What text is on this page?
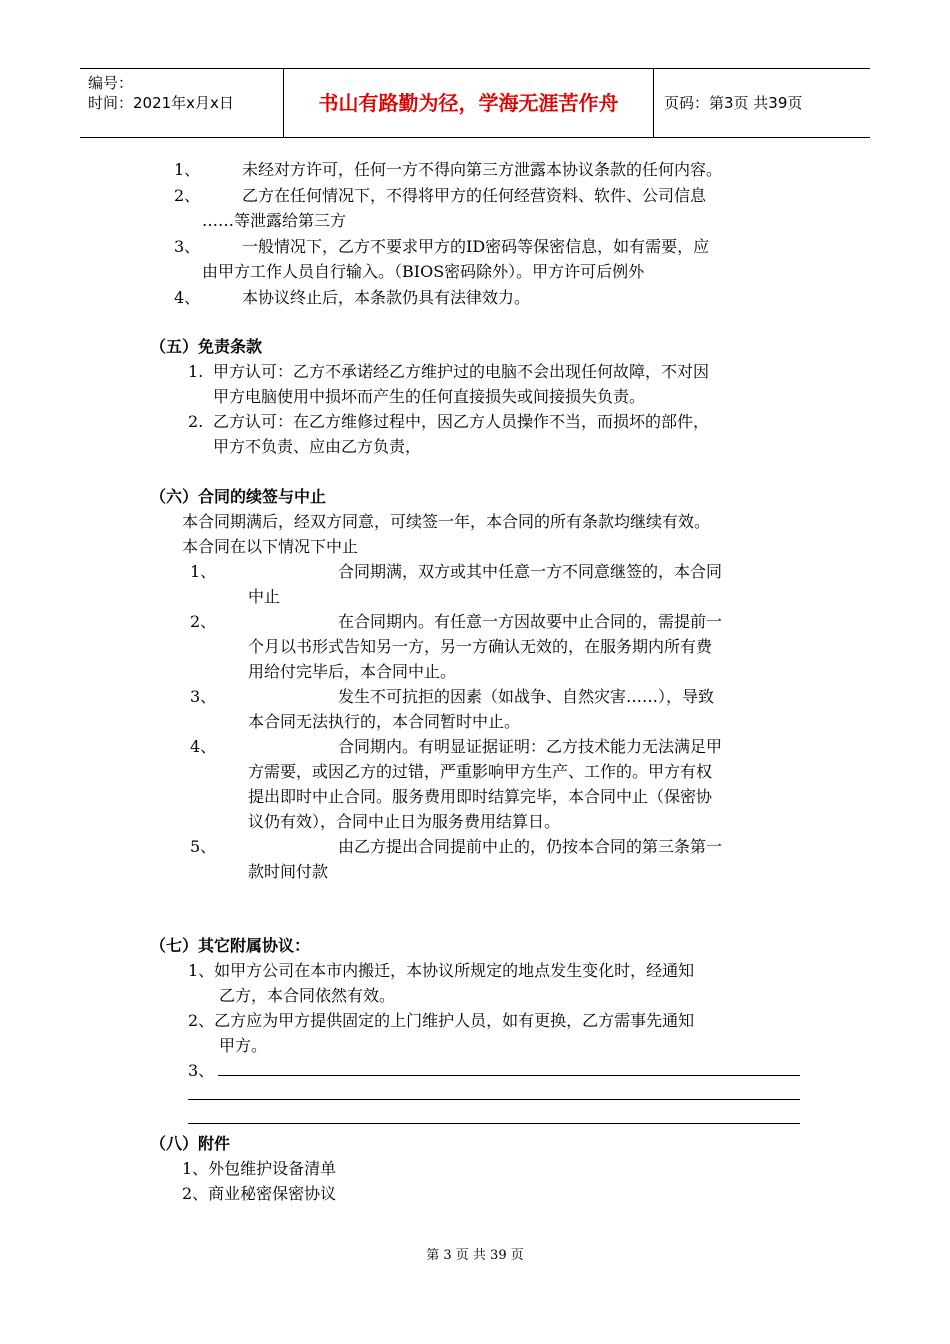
编号：
时间：2021年x月x日	书山有路勤为径，学海无涯苦作舟	页码：第3页 共39页
1、	未经对方许可，任何一方不得向第三方泄露本协议条款的任何内容。
2、	乙方在任何情况下，不得将甲方的任何经营资料、软件、公司信息
……等泄露给第三方
3、	一般情况下，乙方不要求甲方的ID密码等保密信息，如有需要，应
由甲方工作人员自行输入。（BIOS密码除外）。甲方许可后例外
4、	本协议终止后，本条款仍具有法律效力。
（五）免责条款
1. 甲方认可：乙方不承诺经乙方维护过的电脑不会出现任何故障，不对因
甲方电脑使用中损坏而产生的任何直接损失或间接损失负责。
2. 乙方认可：在乙方维修过程中，因乙方人员操作不当，而损坏的部件，
甲方不负责、应由乙方负责，
（六）合同的续签与中止
本合同期满后，经双方同意，可续签一年，本合同的所有条款均继续有效。
本合同在以下情况下中止
1、	合同期满，双方或其中任意一方不同意继签的，本合同
中止
2、	在合同期内。有任意一方因故要中止合同的，需提前一
个月以书形式告知另一方，另一方确认无效的，在服务期内所有费
用给付完毕后，本合同中止。
3、	发生不可抗拒的因素（如战争、自然灾害……），导致
本合同无法执行的，本合同暂时中止。
4、	合同期内。有明显证据证明：乙方技术能力无法满足甲
方需要，或因乙方的过错，严重影响甲方生产、工作的。甲方有权
提出即时中止合同。服务费用即时结算完毕，本合同中止（保密协
议仍有效），合同中止日为服务费用结算日。
5、	由乙方提出合同提前中止的，仍按本合同的第三条第一
款时间付款
（七）其它附属协议：
1、如甲方公司在本市内搬迁，本协议所规定的地点发生变化时，经通知
乙方，本合同依然有效。
2、乙方应为甲方提供固定的上门维护人员，如有更换，乙方需事先通知
甲方。
3、
（八）附件
1、外包维护设备清单
2、商业秘密保密协议
第 3 页 共 39 页
